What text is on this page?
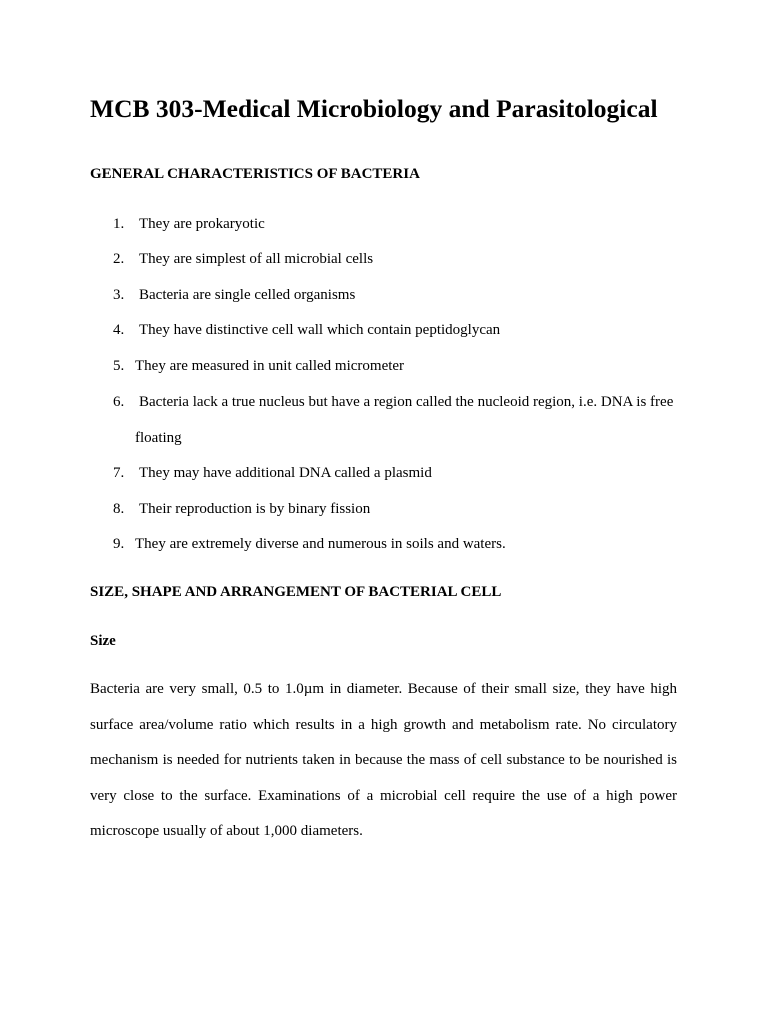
MCB 303-Medical Microbiology and Parasitological
GENERAL CHARACTERISTICS OF BACTERIA
1. They are prokaryotic
2. They are simplest of all microbial cells
3. Bacteria are single celled organisms
4. They have distinctive cell wall which contain peptidoglycan
5. They are measured in unit called micrometer
6. Bacteria lack a true nucleus but have a region called the nucleoid region, i.e. DNA is free
floating
7. They may have additional DNA called a plasmid
8. Their reproduction is by binary fission
9. They are extremely diverse and numerous in soils and waters.
SIZE, SHAPE AND ARRANGEMENT OF BACTERIAL CELL
Size

Bacteria are very small, 0.5 to 1.0µm in diameter. Because of their small size, they have high surface area/volume ratio which results in a high growth and metabolism rate. No circulatory mechanism is needed for nutrients taken in because the mass of cell substance to be nourished is very close to the surface. Examinations of a microbial cell require the use of a high power microscope usually of about 1,000 diameters.
